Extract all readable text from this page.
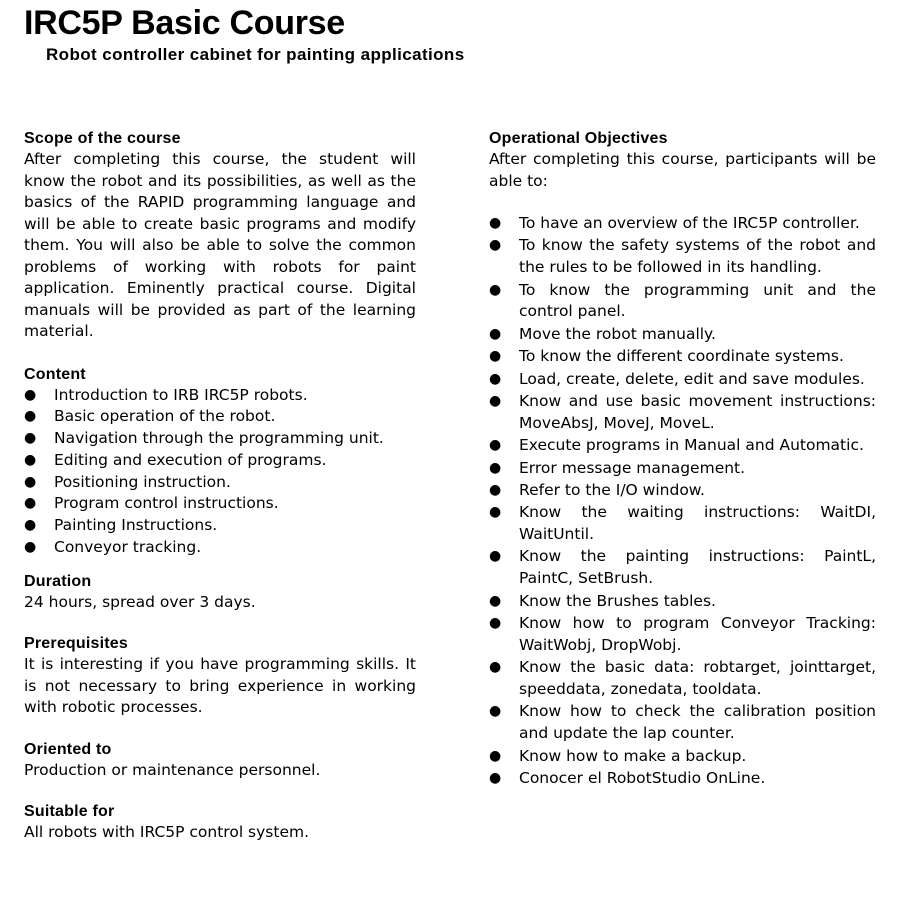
IRC5P Basic Course
Robot controller cabinet for painting applications
Scope of the course

After completing this course, the student will know the robot and its possibilities, as well as the basics of the RAPID programming language and will be able to create basic programs and modify them. You will also be able to solve the common problems of working with robots for paint application. Eminently practical course. Digital manuals will be provided as part of the learning material.

Content
● Introduction to IRB IRC5P robots.
● Basic operation of the robot.
● Navigation through the programming unit.
● Editing and execution of programs.
● Positioning instruction.
● Program control instructions.
● Painting Instructions.
● Conveyor tracking.
Duration

24 hours, spread over 3 days.

Prerequisites

It is interesting if you have programming skills. It is not necessary to bring experience in working with robotic processes.

Oriented to

Production or maintenance personnel.

Suitable for

All robots with IRC5P control system.

Operational Objectives

After completing this course, participants will be able to:

● To have an overview of the IRC5P controller.
● To know the safety systems of the robot and the rules to be followed in its handling.
● To know the programming unit and the control panel.
● Move the robot manually.
● To know the different coordinate systems.
● Load, create, delete, edit and save modules.
● Know and use basic movement instructions: MoveAbsJ, MoveJ, MoveL.
● Execute programs in Manual and Automatic.
● Error message management.
● Refer to the I/O window.
● Know the waiting instructions: WaitDI, WaitUntil.
● Know the painting instructions: PaintL, PaintC, SetBrush.
● Know the Brushes tables.
● Know how to program Conveyor Tracking: WaitWobj, DropWobj.
● Know the basic data: robtarget, jointtarget, speeddata, zonedata, tooldata.
● Know how to check the calibration position and update the lap counter.
● Know how to make a backup.
● Conocer el RobotStudio OnLine.
